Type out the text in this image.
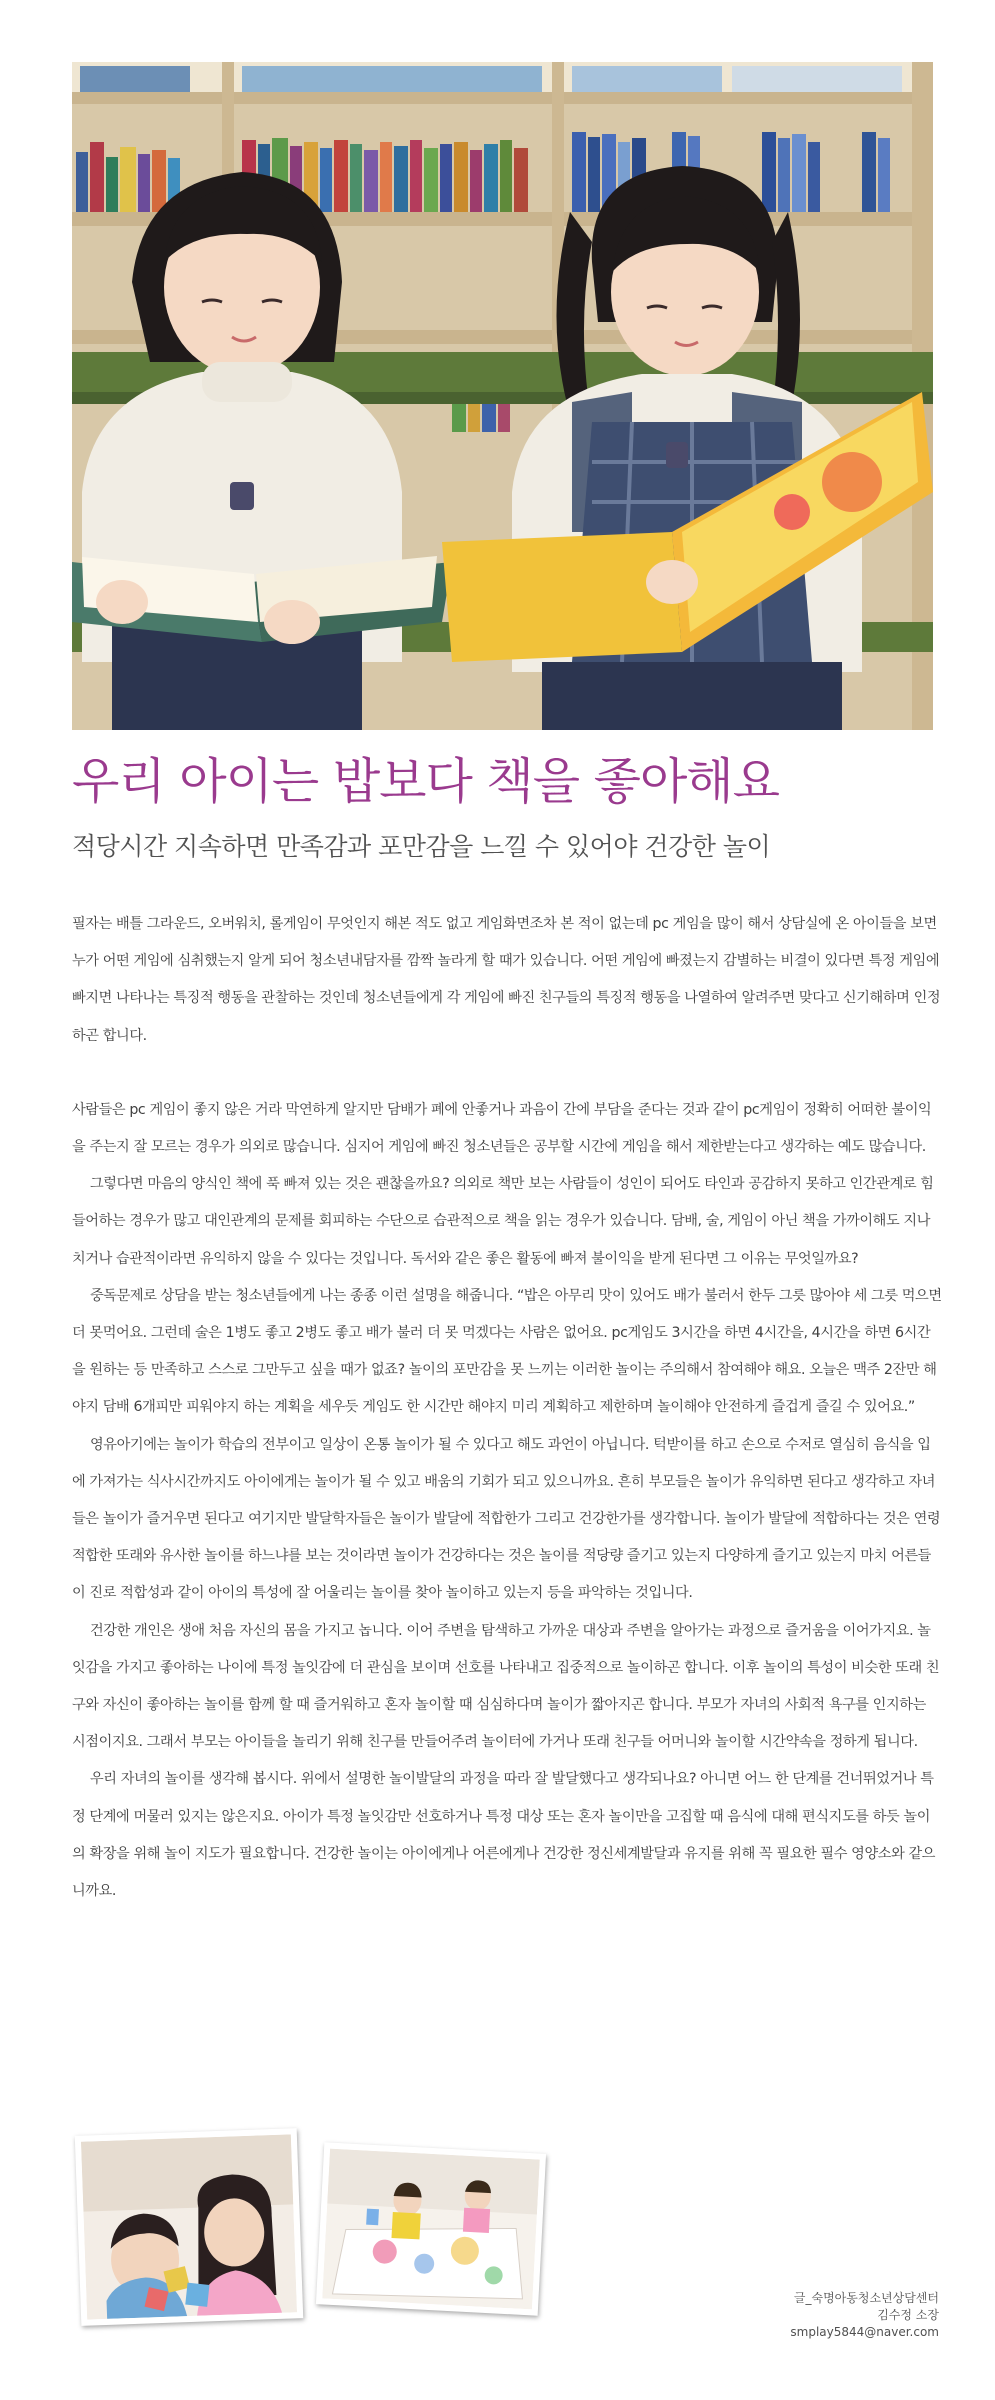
우리 아이는 밥보다 책을 좋아해요
적당시간 지속하면 만족감과 포만감을 느낄 수 있어야 건강한 놀이

필자는 배틀 그라운드, 오버워치, 롤게임이 무엇인지 해본 적도 없고 게임화면조차 본 적이 없는데 pc 게임을 많이 해서 상담실에 온 아이들을 보면 누가 어떤 게임에 심취했는지 알게 되어 청소년내담자를 깜짝 놀라게 할 때가 있습니다. 어떤 게임에 빠졌는지 감별하는 비결이 있다면 특정 게임에 빠지면 나타나는 특징적 행동을 관찰하는 것인데 청소년들에게 각 게임에 빠진 친구들의 특징적 행동을 나열하여 알려주면 맞다고 신기해하며 인정하곤 합니다.

사람들은 pc 게임이 좋지 않은 거라 막연하게 알지만 담배가 폐에 안좋거나 과음이 간에 부담을 준다는 것과 같이 pc게임이 정확히 어떠한 불이익을 주는지 잘 모르는 경우가 의외로 많습니다. 심지어 게임에 빠진 청소년들은 공부할 시간에 게임을 해서 제한받는다고 생각하는 예도 많습니다.

그렇다면 마음의 양식인 책에 푹 빠져 있는 것은 괜찮을까요? 의외로 책만 보는 사람들이 성인이 되어도 타인과 공감하지 못하고 인간관계로 힘들어하는 경우가 많고 대인관계의 문제를 회피하는 수단으로 습관적으로 책을 읽는 경우가 있습니다. 담배, 술, 게임이 아닌 책을 가까이해도 지나치거나 습관적이라면 유익하지 않을 수 있다는 것입니다. 독서와 같은 좋은 활동에 빠져 불이익을 받게 된다면 그 이유는 무엇일까요?

중독문제로 상담을 받는 청소년들에게 나는 종종 이런 설명을 해줍니다. “밥은 아무리 맛이 있어도 배가 불러서 한두 그릇 많아야 세 그릇 먹으면 더 못먹어요. 그런데 술은 1병도 좋고 2병도 좋고 배가 불러 더 못 먹겠다는 사람은 없어요. pc게임도 3시간을 하면 4시간을, 4시간을 하면 6시간을 원하는 등 만족하고 스스로 그만두고 싶을 때가 없죠? 놀이의 포만감을 못 느끼는 이러한 놀이는 주의해서 참여해야 해요. 오늘은 맥주 2잔만 해야지 담배 6개피만 피워야지 하는 계획을 세우듯 게임도 한 시간만 해야지 미리 계획하고 제한하며 놀이해야 안전하게 즐겁게 즐길 수 있어요.”

영유아기에는 놀이가 학습의 전부이고 일상이 온통 놀이가 될 수 있다고 해도 과언이 아닙니다. 턱받이를 하고 손으로 수저로 열심히 음식을 입에 가져가는 식사시간까지도 아이에게는 놀이가 될 수 있고 배움의 기회가 되고 있으니까요. 흔히 부모들은 놀이가 유익하면 된다고 생각하고 자녀들은 놀이가 즐거우면 된다고 여기지만 발달학자들은 놀이가 발달에 적합한가 그리고 건강한가를 생각합니다. 놀이가 발달에 적합하다는 것은 연령 적합한 또래와 유사한 놀이를 하느냐를 보는 것이라면 놀이가 건강하다는 것은 놀이를 적당량 즐기고 있는지 다양하게 즐기고 있는지 마치 어른들이 진로 적합성과 같이 아이의 특성에 잘 어울리는 놀이를 찾아 놀이하고 있는지 등을 파악하는 것입니다.

건강한 개인은 생애 처음 자신의 몸을 가지고 놉니다. 이어 주변을 탐색하고 가까운 대상과 주변을 알아가는 과정으로 즐거움을 이어가지요. 놀잇감을 가지고 좋아하는 나이에 특정 놀잇감에 더 관심을 보이며 선호를 나타내고 집중적으로 놀이하곤 합니다. 이후 놀이의 특성이 비슷한 또래 친구와 자신이 좋아하는 놀이를 함께 할 때 즐거워하고 혼자 놀이할 때 심심하다며 놀이가 짧아지곤 합니다. 부모가 자녀의 사회적 욕구를 인지하는 시점이지요. 그래서 부모는 아이들을 놀리기 위해 친구를 만들어주려 놀이터에 가거나 또래 친구들 어머니와 놀이할 시간약속을 정하게 됩니다.

우리 자녀의 놀이를 생각해 봅시다. 위에서 설명한 놀이발달의 과정을 따라 잘 발달했다고 생각되나요? 아니면 어느 한 단계를 건너뛰었거나 특정 단계에 머물러 있지는 않은지요. 아이가 특정 놀잇감만 선호하거나 특정 대상 또는 혼자 놀이만을 고집할 때 음식에 대해 편식지도를 하듯 놀이의 확장을 위해 놀이 지도가 필요합니다. 건강한 놀이는 아이에게나 어른에게나 건강한 정신세계발달과 유지를 위해 꼭 필요한 필수 영양소와 같으니까요.

글_숙명아동청소년상담센터
김수정 소장
smplay5844@naver.com
